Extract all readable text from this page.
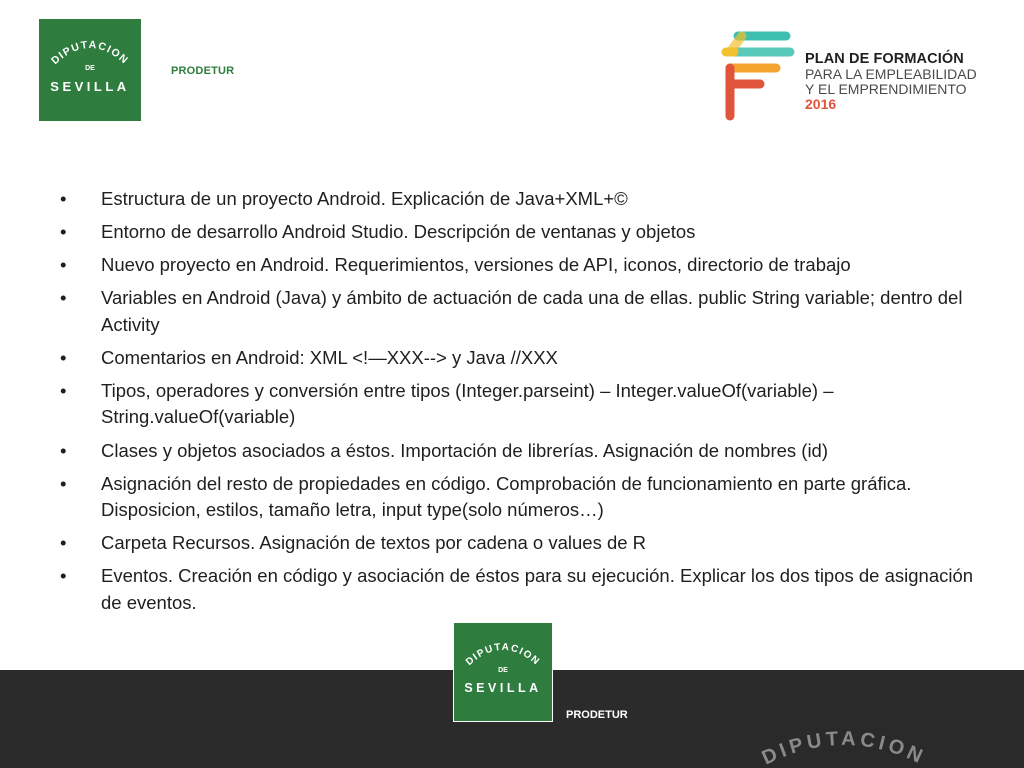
DIPUTACION
DE
SEVILLA
PRODETUR
PLAN DE FORMACIÓN
PARA LA EMPLEABILIDAD
Y EL EMPRENDIMIENTO
2016
• Estructura de un proyecto Android. Explicación de Java+XML+©
• Entorno de desarrollo Android Studio. Descripción de ventanas y objetos
• Nuevo proyecto en Android. Requerimientos, versiones de API, iconos, directorio de trabajo
• Variables en Android (Java) y ámbito de actuación de cada una de ellas. public String variable; dentro del Activity
• Comentarios en Android: XML <!—XXX--> y Java //XXX
• Tipos, operadores y conversión entre tipos (Integer.parseint) – Integer.valueOf(variable) – String.valueOf(variable)
• Clases y objetos asociados a éstos. Importación de librerías. Asignación de nombres (id)
• Asignación del resto de propiedades en código. Comprobación de funcionamiento en parte gráfica. Disposicion, estilos, tamaño letra, input type(solo números…)
• Carpeta Recursos. Asignación de textos por cadena o values de R
• Eventos. Creación en código y asociación de éstos para su ejecución. Explicar los dos tipos de asignación de eventos.
DIPUTACION
DE
SEVILLA
PRODETUR
DIPUTACION
